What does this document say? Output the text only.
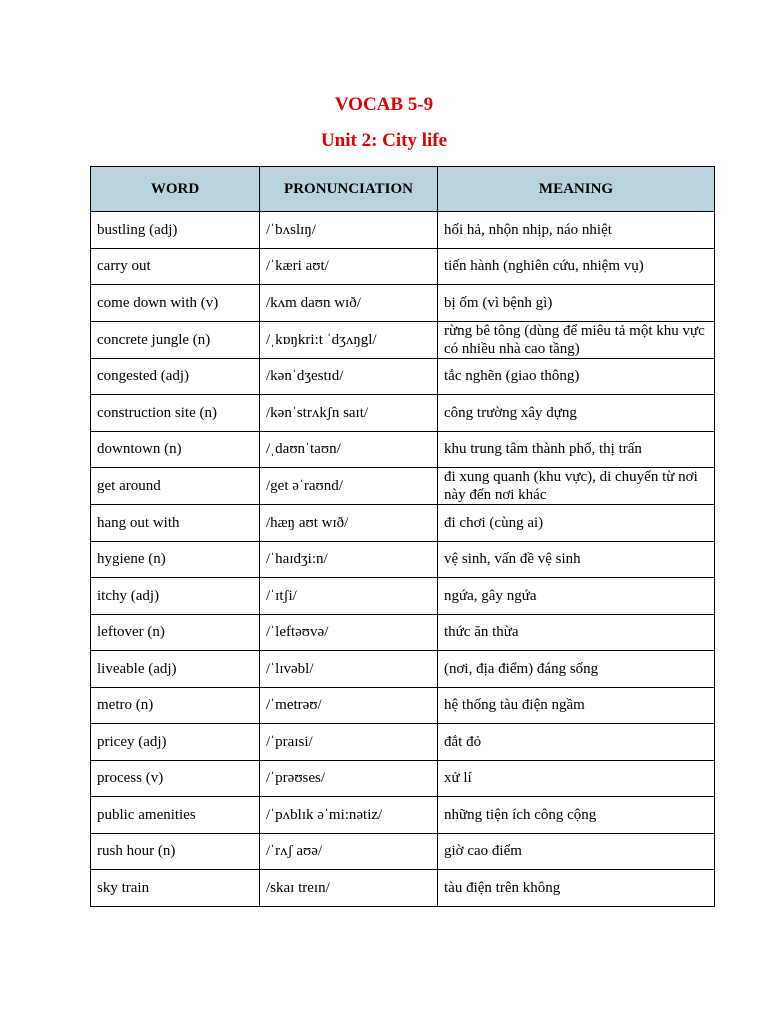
VOCAB 5-9
Unit 2: City life
WORD	PRONUNCIATION	MEANING
bustling (adj)	/ˈbʌslɪŋ/	hối hả, nhộn nhịp, náo nhiệt
carry out	/ˈkæri aʊt/	tiến hành (nghiên cứu, nhiệm vụ)
come down with (v)	/kʌm daʊn wɪð/	bị ốm (vì bệnh gì)
concrete jungle (n)	/ˌkɒŋkri:t ˈdʒʌŋgl/	rừng bê tông (dùng để miêu tả một khu vực có nhiều nhà cao tầng)
congested (adj)	/kənˈdʒestɪd/	tắc nghẽn (giao thông)
construction site (n)	/kənˈstrʌkʃn saɪt/	công trường xây dựng
downtown (n)	/ˌdaʊnˈtaʊn/	khu trung tâm thành phố, thị trấn
get around	/get əˈraʊnd/	đi xung quanh (khu vực), di chuyển từ nơi này đến nơi khác
hang out with	/hæŋ aʊt wɪð/	đi chơi (cùng ai)
hygiene (n)	/ˈhaɪdʒi:n/	vệ sinh, vấn đề vệ sinh
itchy (adj)	/ˈɪtʃi/	ngứa, gây ngứa
leftover (n)	/ˈleftəʊvə/	thức ăn thừa
liveable (adj)	/ˈlɪvəbl/	(nơi, địa điểm) đáng sống
metro (n)	/ˈmetrəʊ/	hệ thống tàu điện ngầm
pricey (adj)	/ˈpraɪsi/	đắt đỏ
process (v)	/ˈprəʊses/	xử lí
public amenities	/ˈpʌblɪk əˈmi:nətiz/	những tiện ích công cộng
rush hour (n)	/ˈrʌʃ aʊə/	giờ cao điểm
sky train	/skaɪ treɪn/	tàu điện trên không
